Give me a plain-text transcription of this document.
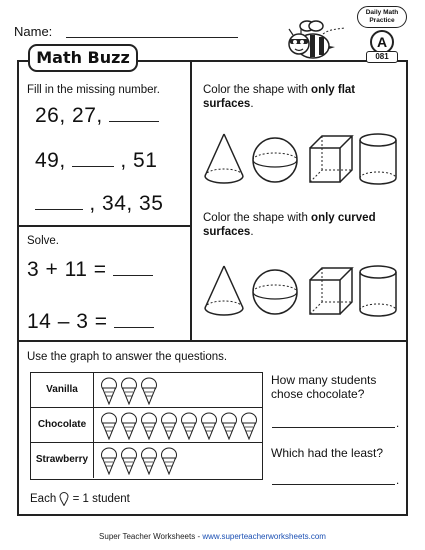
Name:
Math Buzz
Daily Math
Practice
A
081
Fill in the missing number.
26, 27,
49,	, 51
, 34, 35
Solve.
3 + 11 =
14 – 3 =
Color the shape with only flat
surfaces.
Color the shape with only curved
surfaces.
Use the graph to answer the questions.
Vanilla
Chocolate
Strawberry
Each = 1 student
How many students
chose chocolate?
.
Which had the least?
.
Super Teacher Worksheets - www.superteacherworksheets.com
